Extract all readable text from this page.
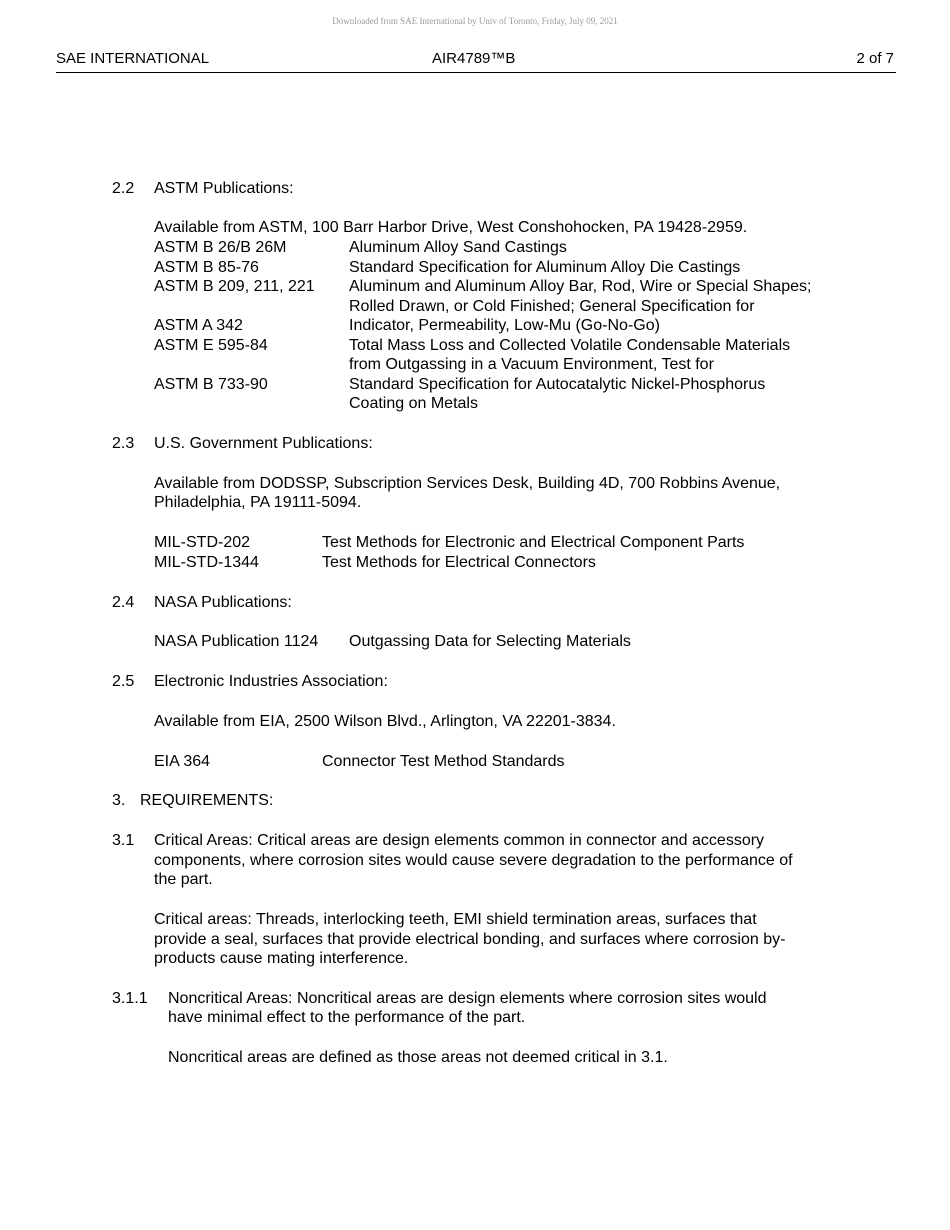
Downloaded from SAE International by Univ of Toronto, Friday, July 09, 2021
SAE INTERNATIONAL	AIR4789™B	2 of 7
2.2 ASTM Publications:
Available from ASTM, 100 Barr Harbor Drive, West Conshohocken, PA 19428-2959.
ASTM B 26/B 26M	Aluminum Alloy Sand Castings
ASTM B 85-76	Standard Specification for Aluminum Alloy Die Castings
ASTM B 209, 211, 221 Aluminum and Aluminum Alloy Bar, Rod, Wire or Special Shapes;
Rolled Drawn, or Cold Finished; General Specification for
ASTM A 342	Indicator, Permeability, Low-Mu (Go-No-Go)
ASTM E 595-84	Total Mass Loss and Collected Volatile Condensable Materials
from Outgassing in a Vacuum Environment, Test for
ASTM B 733-90	Standard Specification for Autocatalytic Nickel-Phosphorus
Coating on Metals
2.3 U.S. Government Publications:
Available from DODSSP, Subscription Services Desk, Building 4D, 700 Robbins Avenue,
Philadelphia, PA 19111-5094.
MIL-STD-202	Test Methods for Electronic and Electrical Component Parts
MIL-STD-1344	Test Methods for Electrical Connectors
2.4 NASA Publications:
NASA Publication 1124 Outgassing Data for Selecting Materials
2.5 Electronic Industries Association:
Available from EIA, 2500 Wilson Blvd., Arlington, VA 22201-3834.
EIA 364	Connector Test Method Standards
3. REQUIREMENTS:
3.1 Critical Areas: Critical areas are design elements common in connector and accessory
components, where corrosion sites would cause severe degradation to the performance of
the part.
Critical areas: Threads, interlocking teeth, EMI shield termination areas, surfaces that
provide a seal, surfaces that provide electrical bonding, and surfaces where corrosion by-
products cause mating interference.
3.1.1 Noncritical Areas: Noncritical areas are design elements where corrosion sites would
have minimal effect to the performance of the part.
Noncritical areas are defined as those areas not deemed critical in 3.1.
